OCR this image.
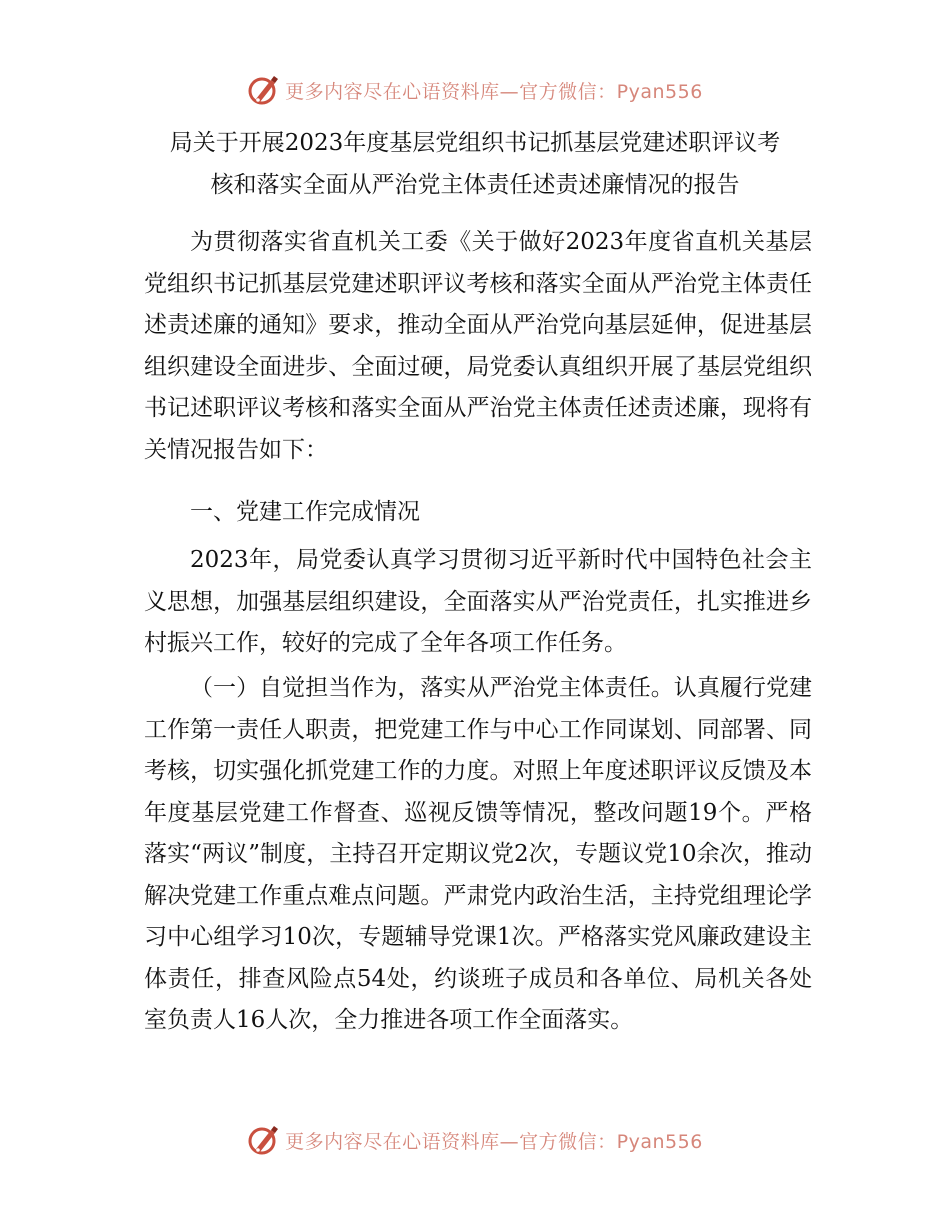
更多内容尽在心语资料库—官方微信：Pyan556
局关于开展2023年度基层党组织书记抓基层党建述职评议考
核和落实全面从严治党主体责任述责述廉情况的报告

为贯彻落实省直机关工委《关于做好2023年度省直机关基层党组织书记抓基层党建述职评议考核和落实全面从严治党主体责任述责述廉的通知》要求，推动全面从严治党向基层延伸，促进基层组织建设全面进步、全面过硬，局党委认真组织开展了基层党组织书记述职评议考核和落实全面从严治党主体责任述责述廉，现将有关情况报告如下：

一、党建工作完成情况

2023年，局党委认真学习贯彻习近平新时代中国特色社会主义思想，加强基层组织建设，全面落实从严治党责任，扎实推进乡村振兴工作，较好的完成了全年各项工作任务。

（一）自觉担当作为，落实从严治党主体责任。认真履行党建工作第一责任人职责，把党建工作与中心工作同谋划、同部署、同考核，切实强化抓党建工作的力度。对照上年度述职评议反馈及本年度基层党建工作督查、巡视反馈等情况，整改问题19个。严格落实“两议”制度，主持召开定期议党2次，专题议党10余次，推动解决党建工作重点难点问题。严肃党内政治生活，主持党组理论学习中心组学习10次，专题辅导党课1次。严格落实党风廉政建设主体责任，排查风险点54处，约谈班子成员和各单位、局机关各处室负责人16人次，全力推进各项工作全面落实。

更多内容尽在心语资料库—官方微信：Pyan556
